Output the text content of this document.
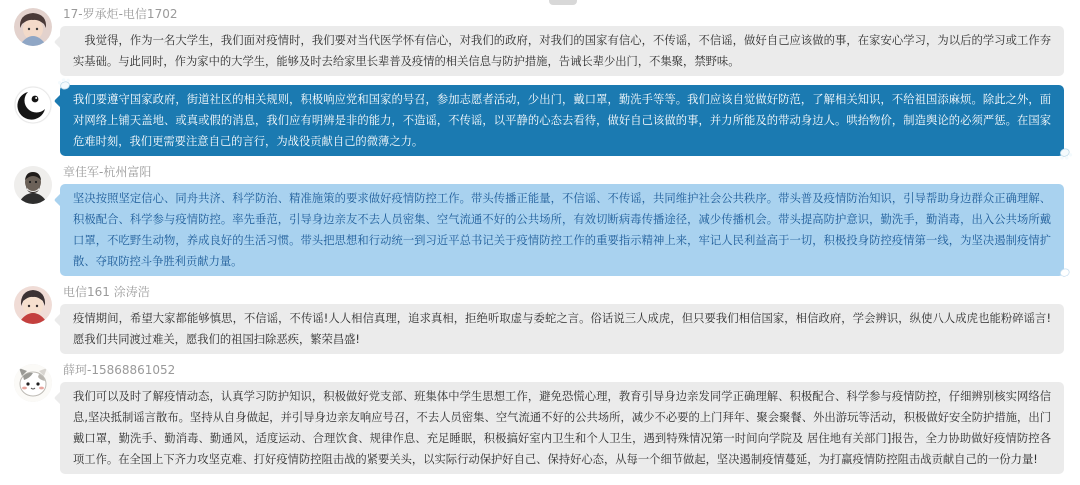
17-罗承炬-电信1702
　我觉得，作为一名大学生，我们面对疫情时，我们要对当代医学怀有信心，对我们的政府，对我们的国家有信心，不传谣，不信谣，做好自己应该做的事，在家安心学习，为以后的学习或工作夯实基础。与此同时，作为家中的大学生，能够及时去给家里长辈普及疫情的相关信息与防护措施，告诫长辈少出门，不集聚，禁野味。
我们要遵守国家政府，街道社区的相关规则，积极响应党和国家的号召，参加志愿者活动，少出门，戴口罩，勤洗手等等。我们应该自觉做好防范，了解相关知识，不给祖国添麻烦。除此之外，面对网络上铺天盖地、或真或假的消息，我们应有明辨是非的能力，不造谣，不传谣，以平静的心态去看待，做好自己该做的事，并力所能及的带动身边人。哄抬物价，制造舆论的必须严惩。在国家危难时刻，我们更需要注意自己的言行，为战役贡献自己的微薄之力。
章佳军-杭州富阳
坚决按照坚定信心、同舟共济、科学防治、精准施策的要求做好疫情防控工作。带头传播正能量，不信谣、不传谣，共同维护社会公共秩序。带头普及疫情防治知识，引导帮助身边群众正确理解、积极配合、科学参与疫情防控。率先垂范，引导身边亲友不去人员密集、空气流通不好的公共场所，有效切断病毒传播途径，减少传播机会。带头提高防护意识，勤洗手，勤消毒，出入公共场所戴口罩，不吃野生动物，养成良好的生活习惯。带头把思想和行动统一到习近平总书记关于疫情防控工作的重要指示精神上来，牢记人民利益高于一切，积极投身防控疫情第一线，为坚决遏制疫情扩散、夺取防控斗争胜利贡献力量。
电信161 涂涛浩
疫情期间，希望大家都能够慎思，不信谣，不传谣!人人相信真理，追求真相，拒绝听取虚与委蛇之言。俗话说三人成虎，但只要我们相信国家，相信政府，学会辨识，纵使八人成虎也能粉碎谣言!愿我们共同渡过难关，愿我们的祖国扫除恶疾，繁荣昌盛!
薛珂-15868861052
我们可以及时了解疫情动态，认真学习防护知识，积极做好党支部、班集体中学生思想工作，避免恐慌心理，教育引导身边亲发同学正确理解、积极配合、科学参与疫情防控，仔细辨别核实网络信息,坚决抵制谣言散布。坚持从自身做起，并引导身边亲友响应号召，不去人员密集、空气流通不好的公共场所，减少不必要的上门拜年、聚会聚餐、外出游玩等活动，积极做好安全防护措施，出门戴口罩，勤洗手、勤消毒、勤通风，适度运动、合理饮食、规律作息、充足睡眠，积极搞好室内卫生和个人卫生，遇到特殊情况第一时间向学院及 居住地有关部门]报告，全力协助做好疫情防控各项工作。在全国上下齐力攻坚克难、打好疫情防控阻击战的紧要关头，以实际行动保护好自己、保持好心态，从每一个细节做起，坚决遏制疫情蔓延，为打赢疫情防控阻击战贡献自己的一份力量!
